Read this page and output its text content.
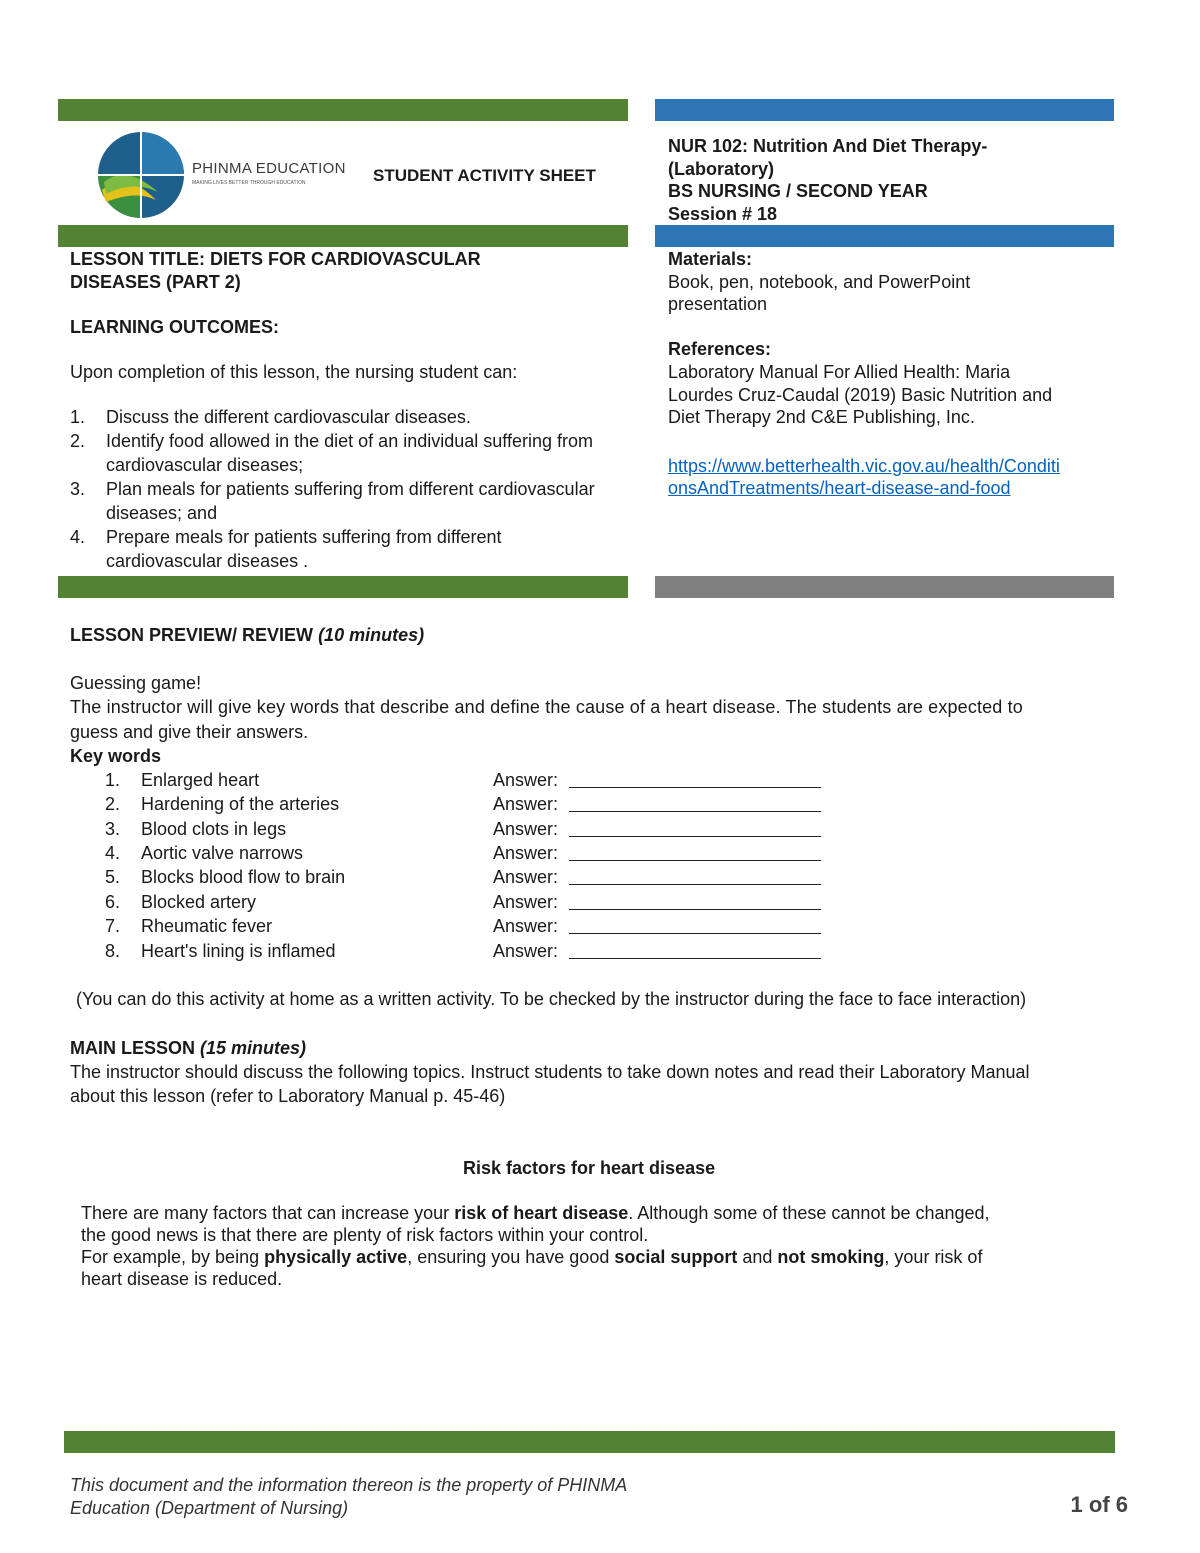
PHINMA EDUCATION
MAKING LIVES BETTER THROUGH EDUCATION	STUDENT ACTIVITY SHEET
NUR 102: Nutrition And Diet Therapy-
(Laboratory)
BS NURSING / SECOND YEAR
Session # 18
LESSON TITLE: DIETS FOR CARDIOVASCULAR
DISEASES (PART 2)
LEARNING OUTCOMES:
Upon completion of this lesson, the nursing student can:
1. Discuss the different cardiovascular diseases.
2. Identify food allowed in the diet of an individual suffering from cardiovascular diseases;
3. Plan meals for patients suffering from different cardiovascular diseases; and
4. Prepare meals for patients suffering from different cardiovascular diseases .
Materials:
Book, pen, notebook, and PowerPoint
presentation
References:
Laboratory Manual For Allied Health: Maria
Lourdes Cruz-Caudal (2019) Basic Nutrition and
Diet Therapy 2nd C&E Publishing, Inc.
https://www.betterhealth.vic.gov.au/health/Conditi
onsAndTreatments/heart-disease-and-food
LESSON PREVIEW/ REVIEW (10 minutes)
Guessing game!
The instructor will give key words that describe and define the cause of a heart disease. The students are expected to
guess and give their answers.
Key words
1. Enlarged heart	Answer:
2. Hardening of the arteries	Answer:
3. Blood clots in legs	Answer:
4. Aortic valve narrows	Answer:
5. Blocks blood flow to brain	Answer:
6. Blocked artery	Answer:
7. Rheumatic fever	Answer:
8. Heart's lining is inflamed	Answer:
(You can do this activity at home as a written activity. To be checked by the instructor during the face to face interaction)
MAIN LESSON (15 minutes)
The instructor should discuss the following topics. Instruct students to take down notes and read their Laboratory Manual
about this lesson (refer to Laboratory Manual p. 45-46)
Risk factors for heart disease
There are many factors that can increase your risk of heart disease. Although some of these cannot be changed,
the good news is that there are plenty of risk factors within your control.
For example, by being physically active, ensuring you have good social support and not smoking, your risk of
heart disease is reduced.
This document and the information thereon is the property of PHINMA
Education (Department of Nursing)	1 of 6
